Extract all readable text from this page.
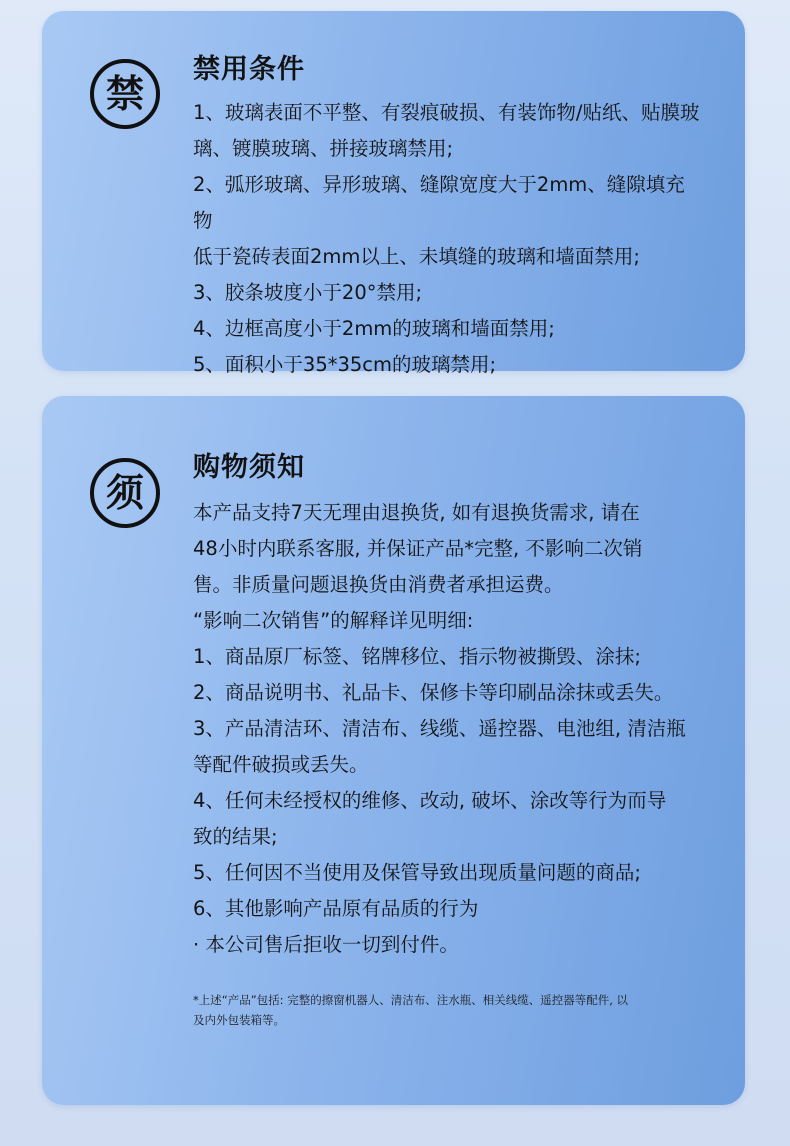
禁
禁用条件

1、玻璃表面不平整、有裂痕破损、有装饰物/贴纸、贴膜玻

璃、镀膜玻璃、拼接玻璃禁用;

2、弧形玻璃、异形玻璃、缝隙宽度大于2mm、缝隙填充物

低于瓷砖表面2mm以上、未填缝的玻璃和墙面禁用;

3、胶条坡度小于20°禁用;

4、边框高度小于2mm的玻璃和墙面禁用;

5、面积小于35*35cm的玻璃禁用;

须
购物须知

本产品支持7天无理由退换货, 如有退换货需求, 请在

48小时内联系客服, 并保证产品*完整, 不影响二次销

售。非质量问题退换货由消费者承担运费。

“影响二次销售”的解释详见明细:

1、商品原厂标签、铭牌移位、指示物被撕毁、涂抹;

2、商品说明书、礼品卡、保修卡等印刷品涂抹或丢失。

3、产品清洁环、清洁布、线缆、遥控器、电池组, 清洁瓶

等配件破损或丢失。

4、任何未经授权的维修、改动, 破坏、涂改等行为而导

致的结果;

5、任何因不当使用及保管导致出现质量问题的商品;

6、其他影响产品原有品质的行为

· 本公司售后拒收一切到付件。

*上述“产品”包括: 完整的擦窗机器人、清洁布、注水瓶、相关线缆、遥控器等配件, 以
及内外包装箱等。
